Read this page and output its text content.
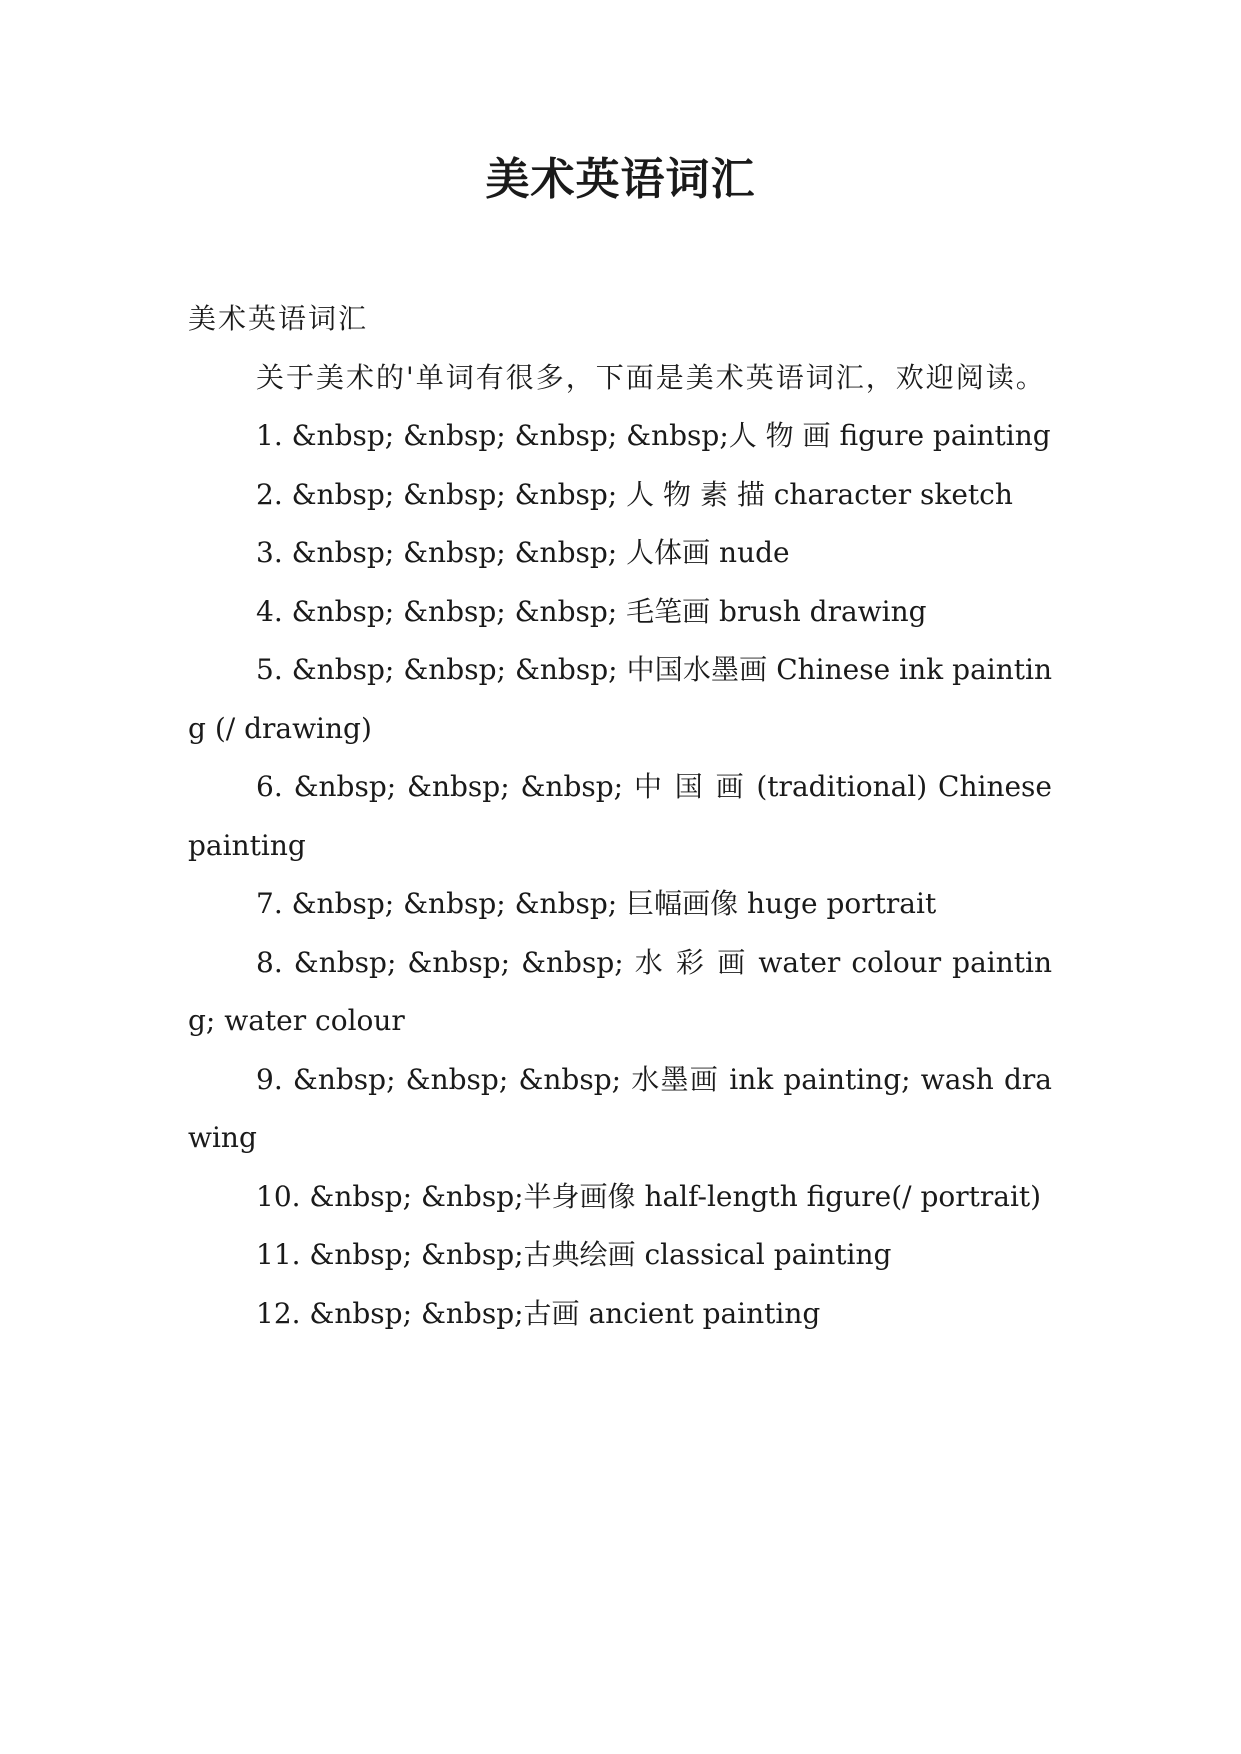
美术英语词汇

美术英语词汇

关于美术的'单词有很多，下面是美术英语词汇，欢迎阅读。

1. &nbsp; &nbsp; &nbsp; &nbsp;人 物 画 figure painting

2. &nbsp; &nbsp; &nbsp; 人 物 素 描 character sketch

3. &nbsp; &nbsp; &nbsp; 人体画 nude

4. &nbsp; &nbsp; &nbsp; 毛笔画 brush drawing

5. &nbsp; &nbsp; &nbsp; 中国水墨画 Chinese ink painting (/ drawing)

6. &nbsp; &nbsp; &nbsp; 中 国 画 (traditional) Chinese painting

7. &nbsp; &nbsp; &nbsp; 巨幅画像 huge portrait

8. &nbsp; &nbsp; &nbsp; 水 彩 画 water colour painting; water colour

9. &nbsp; &nbsp; &nbsp; 水墨画 ink painting; wash drawing

10. &nbsp; &nbsp;半身画像 half-length figure(/ portrait)

11. &nbsp; &nbsp;古典绘画 classical painting

12. &nbsp; &nbsp;古画 ancient painting
